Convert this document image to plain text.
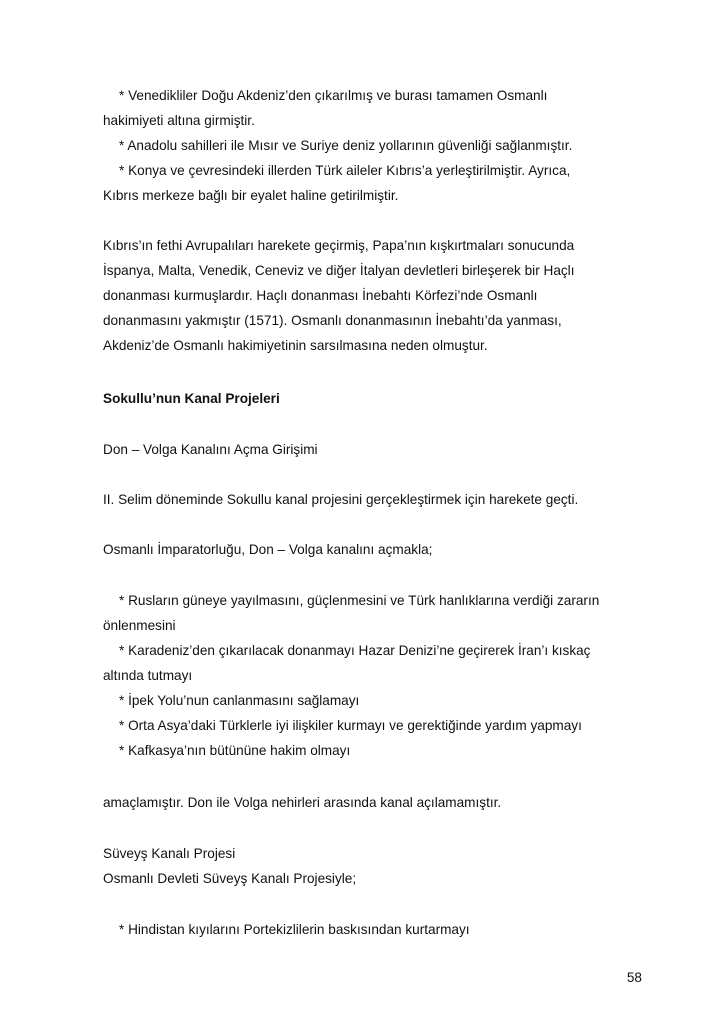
* Venedikliler Doğu Akdeniz’den çıkarılmış ve burası tamamen Osmanlı
hakimiyeti altına girmiştir.
* Anadolu sahilleri ile Mısır ve Suriye deniz yollarının güvenliği sağlanmıştır.
* Konya ve çevresindeki illerden Türk aileler Kıbrıs’a yerleştirilmiştir. Ayrıca,
Kıbrıs merkeze bağlı bir eyalet haline getirilmiştir.
Kıbrıs’ın fethi Avrupalıları harekete geçirmiş, Papa’nın kışkırtmaları sonucunda
İspanya, Malta, Venedik, Ceneviz ve diğer İtalyan devletleri birleşerek bir Haçlı
donanması kurmuşlardır. Haçlı donanması İnebahtı Körfezi’nde Osmanlı
donanmasını yakmıştır (1571). Osmanlı donanmasının İnebahtı’da yanması,
Akdeniz’de Osmanlı hakimiyetinin sarsılmasına neden olmuştur.
Sokullu’nun Kanal Projeleri
Don – Volga Kanalını Açma Girişimi
II. Selim döneminde Sokullu kanal projesini gerçekleştirmek için harekete geçti.
Osmanlı İmparatorluğu, Don – Volga kanalını açmakla;
* Rusların güneye yayılmasını, güçlenmesini ve Türk hanlıklarına verdiği zararın
önlenmesini
* Karadeniz’den çıkarılacak donanmayı Hazar Denizi’ne geçirerek İran’ı kıskaç
altında tutmayı
* İpek Yolu’nun canlanmasını sağlamayı
* Orta Asya’daki Türklerle iyi ilişkiler kurmayı ve gerektiğinde yardım yapmayı
* Kafkasya’nın bütününe hakim olmayı
amaçlamıştır. Don ile Volga nehirleri arasında kanal açılamamıştır.
Süveyş Kanalı Projesi
Osmanlı Devleti Süveyş Kanalı Projesiyle;
* Hindistan kıyılarını Portekizlilerin baskısından kurtarmayı
58
